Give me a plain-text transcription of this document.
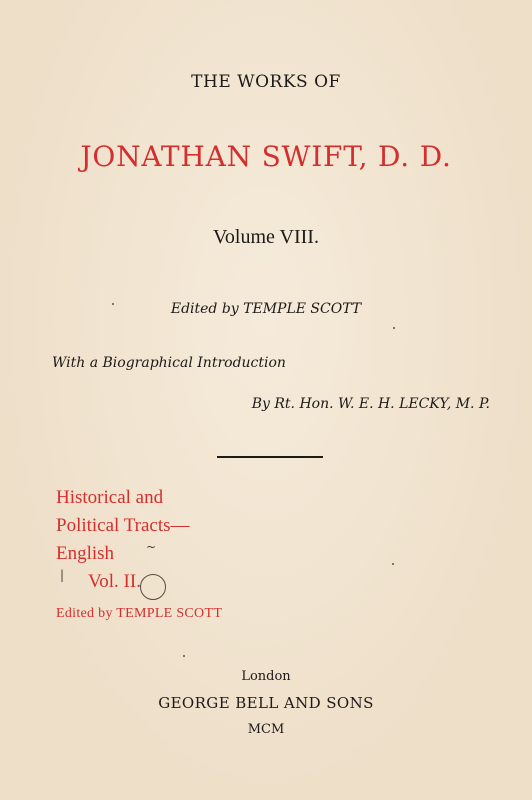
THE WORKS OF
JONATHAN SWIFT, D. D.
Volume VIII.
Edited by TEMPLE SCOTT
With a Biographical Introduction
By Rt. Hon. W. E. H. LECKY, M. P.
Historical and
Political Tracts—
English
Vol. II.
Edited by TEMPLE SCOTT
~
|
London
GEORGE BELL AND SONS
MCM
